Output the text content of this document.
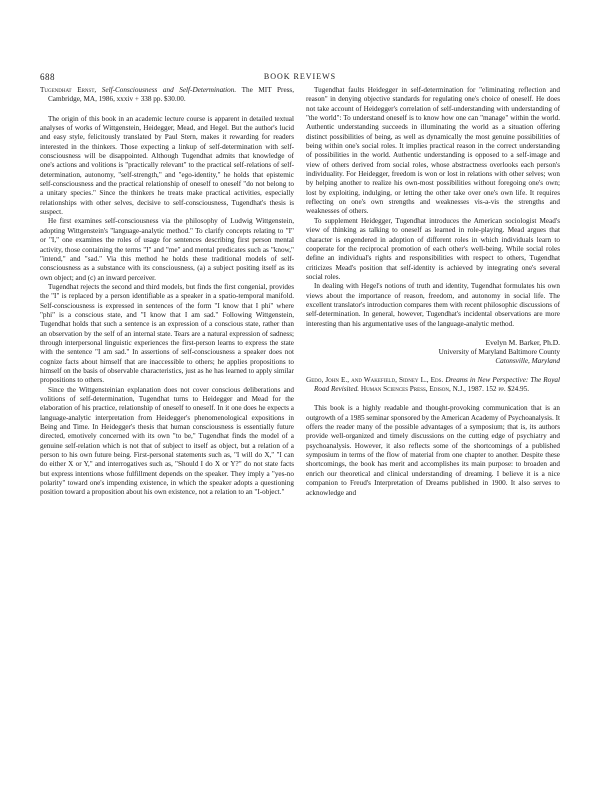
688	BOOK REVIEWS

Tugendhat Ernst, Self-Consciousness and Self-Determination. The MIT Press, Cambridge, MA, 1986, xxxiv + 338 pp. $30.00.

The origin of this book in an academic lecture course is apparent in detailed textual analyses of works of Wittgenstein, Heidegger, Mead, and Hegel. But the author's lucid and easy style, felicitously translated by Paul Stern, makes it rewarding for readers interested in the thinkers. Those expecting a linkup of self-determination with self-consciousness will be disappointed. Although Tugendhat admits that knowledge of one's actions and volitions is "practically relevant" to the practical self-relations of self-determination, autonomy, "self-strength," and "ego-identity," he holds that epistemic self-consciousness and the practical relationship of oneself to oneself "do not belong to a unitary species." Since the thinkers he treats make practical activities, especially relationships with other selves, decisive to self-consciousness, Tugendhat's thesis is suspect.

He first examines self-consciousness via the philosophy of Ludwig Wittgenstein, adopting Wittgenstein's "language-analytic method." To clarify concepts relating to "I" or "I," one examines the roles of usage for sentences describing first person mental activity, those containing the terms "I" and "me" and mental predicates such as "know," "intend," and "sad." Via this method he holds these traditional models of self-consciousness as a substance with its consciousness, (a) a subject positing itself as its own object; and (c) an inward perceiver.

Tugendhat rejects the second and third models, but finds the first congenial, provides the "I" is replaced by a person identifiable as a speaker in a spatio-temporal manifold. Self-consciousness is expressed in sentences of the form "I know that I phi" where "phi" is a conscious state, and "I know that I am sad." Following Wittgenstein, Tugendhat holds that such a sentence is an expression of a conscious state, rather than an observation by the self of an internal state. Tears are a natural expression of sadness; through interpersonal linguistic experiences the first-person learns to express the state with the sentence "I am sad." In assertions of self-consciousness a speaker does not cognize facts about himself that are inaccessible to others; he applies propositions to himself on the basis of observable characteristics, just as he has learned to apply similar propositions to others.

Since the Wittgensteinian explanation does not cover conscious deliberations and volitions of self-determination, Tugendhat turns to Heidegger and Mead for the elaboration of his practice, relationship of oneself to oneself. In it one does he expects a language-analytic interpretation from Heidegger's phenomenological expositions in Being and Time. In Heidegger's thesis that human consciousness is essentially future directed, emotively concerned with its own "to be," Tugendhat finds the model of a genuine self-relation which is not that of subject to itself as object, but a relation of a person to his own future being. First-personal statements such as, "I will do X," "I can do either X or Y," and interrogatives such as, "Should I do X or Y?" do not state facts but express intentions whose fulfillment depends on the speaker. They imply a "yes-no polarity" toward one's impending existence, in which the speaker adopts a questioning position toward a proposition about his own existence, not a relation to an "I-object."

Tugendhat faults Heidegger in self-determination for "eliminating reflection and reason" in denying objective standards for regulating one's choice of oneself. He does not take account of Heidegger's correlation of self-understanding with understanding of "the world": To understand oneself is to know how one can "manage" within the world. Authentic understanding succeeds in illuminating the world as a situation offering distinct possibilities of being, as well as dynamically the most genuine possibilities of being within one's social roles. It implies practical reason in the correct understanding of possibilities in the world. Authentic understanding is opposed to a self-image and view of others derived from social roles, whose abstractness overlooks each person's individuality. For Heidegger, freedom is won or lost in relations with other selves; won by helping another to realize his own-most possibilities without foregoing one's own; lost by exploiting, indulging, or letting the other take over one's own life. It requires reflecting on one's own strengths and weaknesses vis-a-vis the strengths and weaknesses of others.

To supplement Heidegger, Tugendhat introduces the American sociologist Mead's view of thinking as talking to oneself as learned in role-playing. Mead argues that character is engendered in adoption of different roles in which individuals learn to cooperate for the reciprocal promotion of each other's well-being. While social roles define an individual's rights and responsibilities with respect to others, Tugendhat criticizes Mead's position that self-identity is achieved by integrating one's several social roles.

In dealing with Hegel's notions of truth and identity, Tugendhat formulates his own views about the importance of reason, freedom, and autonomy in social life. The excellent translator's introduction compares them with recent philosophic discussions of self-determination. In general, however, Tugendhat's incidental observations are more interesting than his argumentative uses of the language-analytic method.

Evelyn M. Barker, Ph.D.
University of Maryland Baltimore County
Catonsville, Maryland

Gedo, John E., and Wakefield, Sidney L., Eds. Dreams in New Perspective: The Royal Road Revisited. Human Sciences Press, Edison, N.J., 1987. 152 pp. $24.95.

This book is a highly readable and thought-provoking communication that is an outgrowth of a 1985 seminar sponsored by the American Academy of Psychoanalysis. It offers the reader many of the possible advantages of a symposium; that is, its authors provide well-organized and timely discussions on the cutting edge of psychiatry and psychoanalysis. However, it also reflects some of the shortcomings of a published symposium in terms of the flow of material from one chapter to another. Despite these shortcomings, the book has merit and accomplishes its main purpose: to broaden and enrich our theoretical and clinical understanding of dreaming. I believe it is a nice companion to Freud's Interpretation of Dreams published in 1900. It also serves to acknowledge and
